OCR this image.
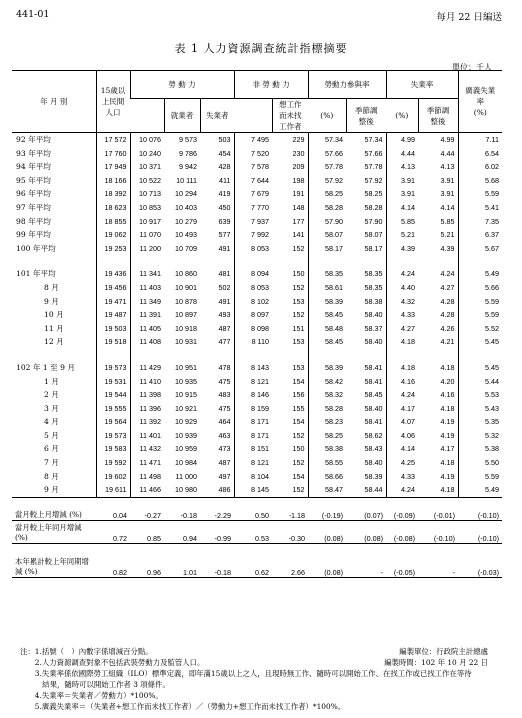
441-01	每月 22 日編送
表 1 人力資源調查統計指標摘要
單位：千人
年 月 別	15歲以上民間人口	勞 動 力			非 勞 動 力		勞動力參與率		失業率		廣義失業率
(%)
			就業者	失業者		想工作而未找工作者	(%)	季節調整後	(%)	季節調整後	
92 年平均	17 572	10 076	9 573	503	7 495	229	57.34	57.34	4.99	4.99	7.11
93 年平均	17 760	10 240	9 786	454	7 520	230	57.66	57.66	4.44	4.44	6.54
94 年平均	17 949	10 371	9 942	428	7 578	209	57.78	57.78	4.13	4.13	6.02
95 年平均	18 166	10 522	10 111	411	7 644	198	57.92	57.92	3.91	3.91	5.68
96 年平均	18 392	10 713	10 294	419	7 679	191	58.25	58.25	3.91	3.91	5.59
97 年平均	18 623	10 853	10 403	450	7 770	148	58.28	58.28	4.14	4.14	5.41
98 年平均	18 855	10 917	10 279	639	7 937	177	57.90	57.90	5.85	5.85	7.35
99 年平均	19 062	11 070	10 493	577	7 992	141	58.07	58.07	5.21	5.21	6.37
100 年平均	19 253	11 200	10 709	491	8 053	152	58.17	58.17	4.39	4.39	5.67

101 年平均	19 436	11 341	10 860	481	8 094	150	58.35	58.35	4.24	4.24	5.49
8 月	19 456	11 403	10 901	502	8 053	152	58.61	58.35	4.40	4.27	5.66
9 月	19 471	11 349	10 878	491	8 102	153	58.39	58.38	4.32	4.28	5.59
10 月	19 487	11 391	10 897	493	8 097	152	58.45	58.40	4.33	4.28	5.59
11 月	19 503	11 405	10 918	487	8 098	151	58.48	58.37	4.27	4.26	5.52
12 月	19 518	11 408	10 931	477	8 110	153	58.45	58.40	4.18	4.21	5.45

102 年 1 至 9 月	19 573	11 429	10 951	478	8 143	153	58.39	58.41	4.18	4.18	5.45
1 月	19 531	11 410	10 935	475	8 121	154	58.42	58.41	4.16	4.20	5.44
2 月	19 544	11 398	10 915	483	8 146	156	58.32	58.45	4.24	4.16	5.53
3 月	19 555	11 396	10 921	475	8 159	155	58.28	58.40	4.17	4.18	5.43
4 月	19 564	11 392	10 929	464	8 171	154	58.23	58.41	4.07	4.19	5.35
5 月	19 573	11 401	10 939	463	8 171	152	58.25	58.62	4.06	4.19	5.32
6 月	19 583	11 432	10 959	473	8 151	150	58.38	58.43	4.14	4.17	5.38
7 月	19 592	11 471	10 984	487	8 121	152	58.55	58.40	4.25	4.18	5.50
8 月	19 602	11 498	11 000	497	8 104	154	58.66	58.39	4.33	4.19	5.59
9 月	19 611	11 466	10 980	486	8 145	152	58.47	58.44	4.24	4.18	5.49
當月較上月增減 (%)	0.04	-0.27	-0.18	-2.29	0.50	-1.18	(-0.19)	(0.07)	(-0.09)	(-0.01)	(-0.10)
當月較上年同月增減 (%)	0.72	0.85	0.94	-0.99	0.53	-0.30	(0.08)	(0.08)	(-0.08)	(-0.10)	(-0.10)
本年累計較上年同期增減 (%)	0.82	0.96	1.01	-0.18	0.62	2.66	(0.08)	-	(-0.05)	-	(-0.03)
注：1.括號（　）內數字係增減百分點。	編製單位：行政院主計總處
　　2.人力資源調查對象不包括武裝勞動力及監管人口。	編製時間：102 年 10 月 22 日
　　3.失業率係依國際勞工組織（ILO）標準定義，即年滿15歲以上之人，且現時無工作、隨時可以開始工作、在找工作或已找工作在等待
　　　結果，隨時可以開始工作者 3 項條件。
　　4.失業率＝失業者／勞動力）*100%。
　　5.廣義失業率＝（失業者+想工作而未找工作者）／（勞動力+想工作而未找工作者）*100%。
